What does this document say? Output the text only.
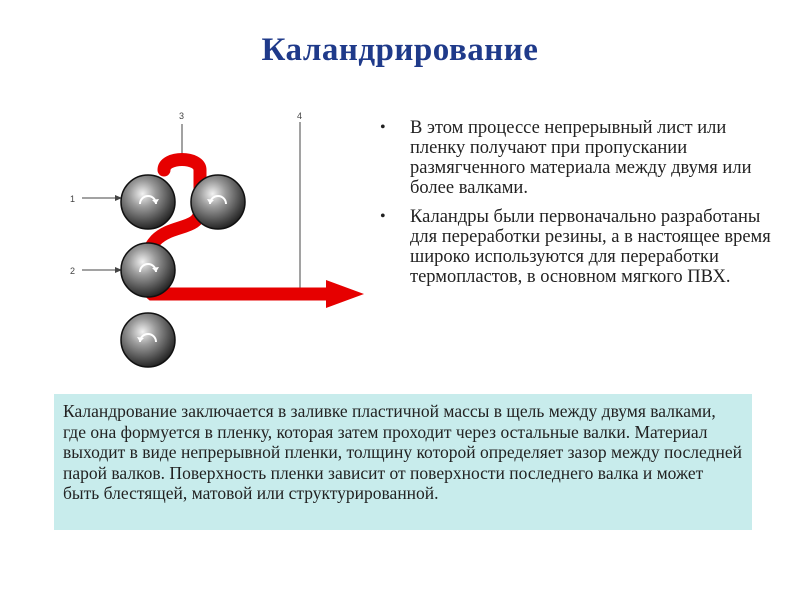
Каландрирование
1
2
3	4
• В этом процессе непрерывный лист или пленку получают при пропускании размягченного материала между двумя или более валками.
• Каландры были первоначально разработаны для переработки резины, а в настоящее время широко используются для переработки термопластов, в основном мягкого ПВХ.
Каландрование заключается в заливке пластичной массы в щель между двумя валками, где она формуется в пленку, которая затем проходит через остальные валки. Материал выходит в виде непрерывной пленки, толщину которой определяет зазор между последней парой валков. Поверхность пленки зависит от поверхности последнего валка и может быть блестящей, матовой или структурированной.
